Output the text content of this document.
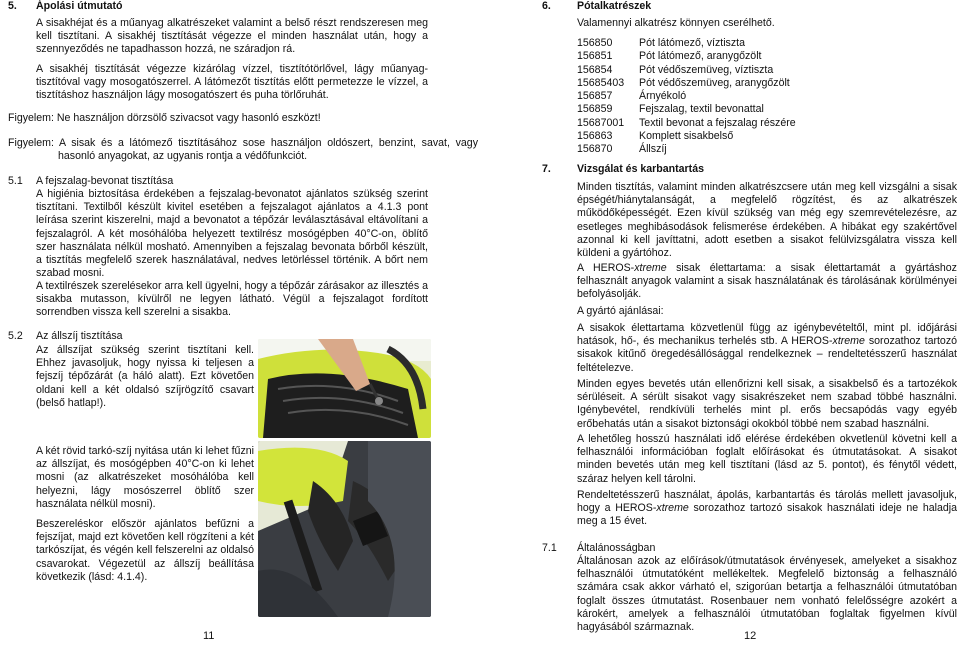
5. Ápolási útmutató

A sisakhéjat és a műanyag alkatrészeket valamint a belső részt rendszeresen meg kell tisztítani. A sisakhéj tisztítását végezze el minden használat után, hogy a szennyeződés ne tapadhasson hozzá, ne száradjon rá.

A sisakhéj tisztítását végezze kizárólag vízzel, tisztítótörlővel, lágy műanyag-tisztítóval vagy mosogatószerrel. A látómezőt tisztítás előtt permetezze le vízzel, a tisztításhoz használjon lágy mosogatószert és puha törlőruhát.

Figyelem: Ne használjon dörzsölő szivacsot vagy hasonló eszközt!

Figyelem: A sisak és a látómező tisztításához sose használjon oldószert, benzint, savat, vagy hasonló anyagokat, az ugyanis rontja a védőfunkciót.

5.1 A fejszalag-bevonat tisztítása

A higiénia biztosítása érdekében a fejszalag-bevonatot ajánlatos szükség szerint tisztítani. Textilből készült kivitel esetében a fejszalagot ajánlatos a 4.1.3 pont leírása szerint kiszerelni, majd a bevonatot a tépőzár leválasztásával eltávolítani a fejszalagról. A két mosóhálóba helyezett textilrész mosógépben 40°C-on, öblítő szer használata nélkül mosható. Amennyiben a fejszalag bevonata bőrből készült, a tisztítás megfelelő szerek használatával, nedves letörléssel történik. A bőrt nem szabad mosni.

A textilrészek szerelésekor arra kell ügyelni, hogy a tépőzár zárásakor az illesztés a sisakba mutasson, kívülről ne legyen látható. Végül a fejszalagot fordított sorrendben vissza kell szerelni a sisakba.

5.2 Az állszíj tisztítása

Az állszíjat szükség szerint tisztítani kell. Ehhez javasoljuk, hogy nyissa ki teljesen a fejszíj tépőzárát (a háló alatt). Ezt követően oldani kell a két oldalsó szíjrögzítő csavart (belső hatlap!).

A két rövid tarkó-szíj nyitása után ki lehet fűzni az állszíjat, és mosógépben 40°C-on ki lehet mosni (az alkatrészeket mosóhálóba kell helyezni, lágy mosószerrel öblítő szer használata nélkül mosni).

Beszereléskor először ajánlatos befűzni a fejszíjat, majd ezt követően kell rögzíteni a két tarkószíjat, és végén kell felszerelni az oldalsó csavarokat. Végezetül az állszíj beállítása következik (lásd: 4.1.4).

11
6. Pótalkatrészek

Valamennyi alkatrész könnyen cserélhető.

156850	Pót látómező, víztiszta
156851	Pót látómező, aranygőzölt
156854	Pót védőszemüveg, víztiszta
15685403	Pót védőszemüveg, aranygőzölt
156857	Árnyékoló
156859	Fejszalag, textil bevonattal
15687001	Textil bevonat a fejszalag részére
156863	Komplett sisakbelső
156870	Állszíj
7. Vizsgálat és karbantartás

Minden tisztítás, valamint minden alkatrészcsere után meg kell vizsgálni a sisak épségét/hiánytalanságát, a megfelelő rögzítést, és az alkatrészek működőképességét. Ezen kívül szükség van még egy szemrevételezésre, az esetleges meghibásodások felismerése érdekében. A hibákat egy szakértővel azonnal ki kell javíttatni, adott esetben a sisakot felülvizsgálatra vissza kell küldeni a gyártóhoz.

A HEROS-xtreme sisak élettartama: a sisak élettartamát a gyártáshoz felhasznált anyagok valamint a sisak használatának és tárolásának körülményei befolyásolják.

A gyártó ajánlásai:

A sisakok élettartama közvetlenül függ az igénybevételtől, mint pl. időjárási hatások, hő-, és mechanikus terhelés stb. A HEROS-xtreme sorozathoz tartozó sisakok kitűnő öregedésállósággal rendelkeznek – rendeltetésszerű használat feltételezve.

Minden egyes bevetés után ellenőrizni kell sisak, a sisakbelső és a tartozékok sérüléseit. A sérült sisakot vagy sisakrészeket nem szabad többé használni. Igénybevétel, rendkívüli terhelés mint pl. erős becsapódás vagy egyéb erőbehatás után a sisakot biztonsági okokból többé nem szabad használni.

A lehetőleg hosszú használati idő elérése érdekében okvetlenül követni kell a felhasználói információban foglalt előírásokat és útmutatásokat. A sisakot minden bevetés után meg kell tisztítani (lásd az 5. pontot), és fénytől védett, száraz helyen kell tárolni.

Rendeltetésszerű használat, ápolás, karbantartás és tárolás mellett javasoljuk, hogy a HEROS-xtreme sorozathoz tartozó sisakok használati ideje ne haladja meg a 15 évet.

7.1 Általánosságban

Általánosan azok az előírások/útmutatások érvényesek, amelyeket a sisakhoz felhasználói útmutatóként mellékeltek. Megfelelő biztonság a felhasználó számára csak akkor várható el, szigorúan betartja a felhasználói útmutatóban foglalt összes útmutatást. Rosenbauer nem vonható felelősségre azokért a károkért, amelyek a felhasználói útmutatóban foglaltak figyelmen kívül hagyásából származnak.

12
